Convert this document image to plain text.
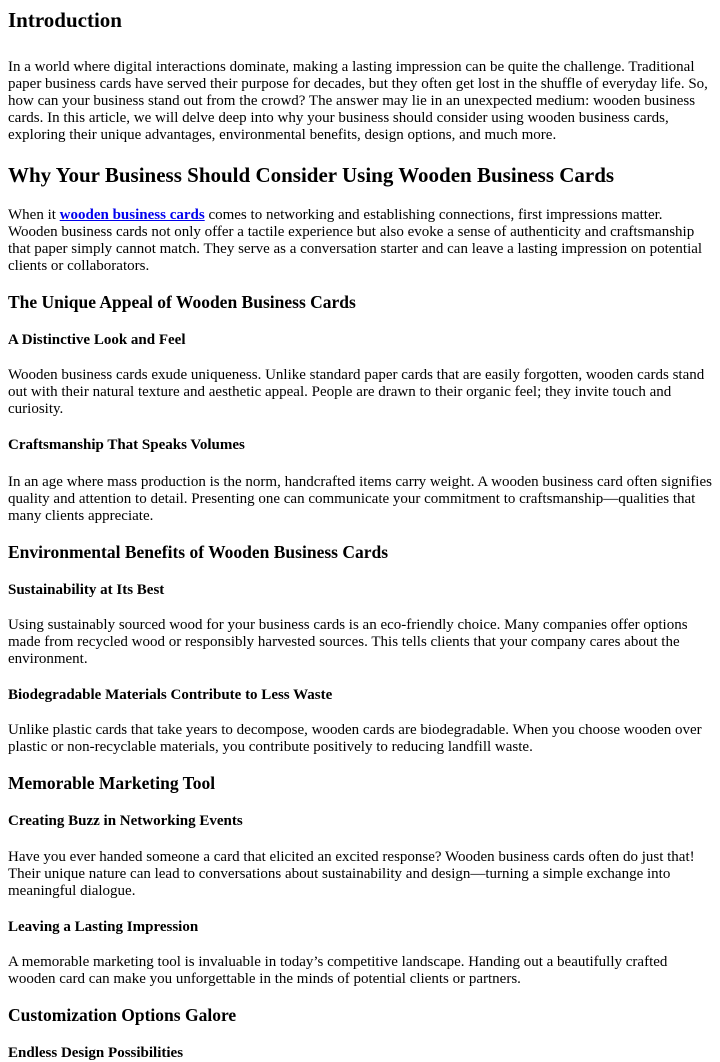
Introduction

In a world where digital interactions dominate, making a lasting impression can be quite the challenge. Traditional paper business cards have served their purpose for decades, but they often get lost in the shuffle of everyday life. So, how can your business stand out from the crowd? The answer may lie in an unexpected medium: wooden business cards. In this article, we will delve deep into why your business should consider using wooden business cards, exploring their unique advantages, environmental benefits, design options, and much more.

Why Your Business Should Consider Using Wooden Business Cards

When it wooden business cards comes to networking and establishing connections, first impressions matter. Wooden business cards not only offer a tactile experience but also evoke a sense of authenticity and craftsmanship that paper simply cannot match. They serve as a conversation starter and can leave a lasting impression on potential clients or collaborators.

The Unique Appeal of Wooden Business Cards
A Distinctive Look and Feel

Wooden business cards exude uniqueness. Unlike standard paper cards that are easily forgotten, wooden cards stand out with their natural texture and aesthetic appeal. People are drawn to their organic feel; they invite touch and curiosity.

Craftsmanship That Speaks Volumes

In an age where mass production is the norm, handcrafted items carry weight. A wooden business card often signifies quality and attention to detail. Presenting one can communicate your commitment to craftsmanship—qualities that many clients appreciate.

Environmental Benefits of Wooden Business Cards
Sustainability at Its Best

Using sustainably sourced wood for your business cards is an eco-friendly choice. Many companies offer options made from recycled wood or responsibly harvested sources. This tells clients that your company cares about the environment.

Biodegradable Materials Contribute to Less Waste

Unlike plastic cards that take years to decompose, wooden cards are biodegradable. When you choose wooden over plastic or non-recyclable materials, you contribute positively to reducing landfill waste.

Memorable Marketing Tool
Creating Buzz in Networking Events

Have you ever handed someone a card that elicited an excited response? Wooden business cards often do just that! Their unique nature can lead to conversations about sustainability and design—turning a simple exchange into meaningful dialogue.

Leaving a Lasting Impression

A memorable marketing tool is invaluable in today’s competitive landscape. Handing out a beautifully crafted wooden card can make you unforgettable in the minds of potential clients or partners.

Customization Options Galore
Endless Design Possibilities
